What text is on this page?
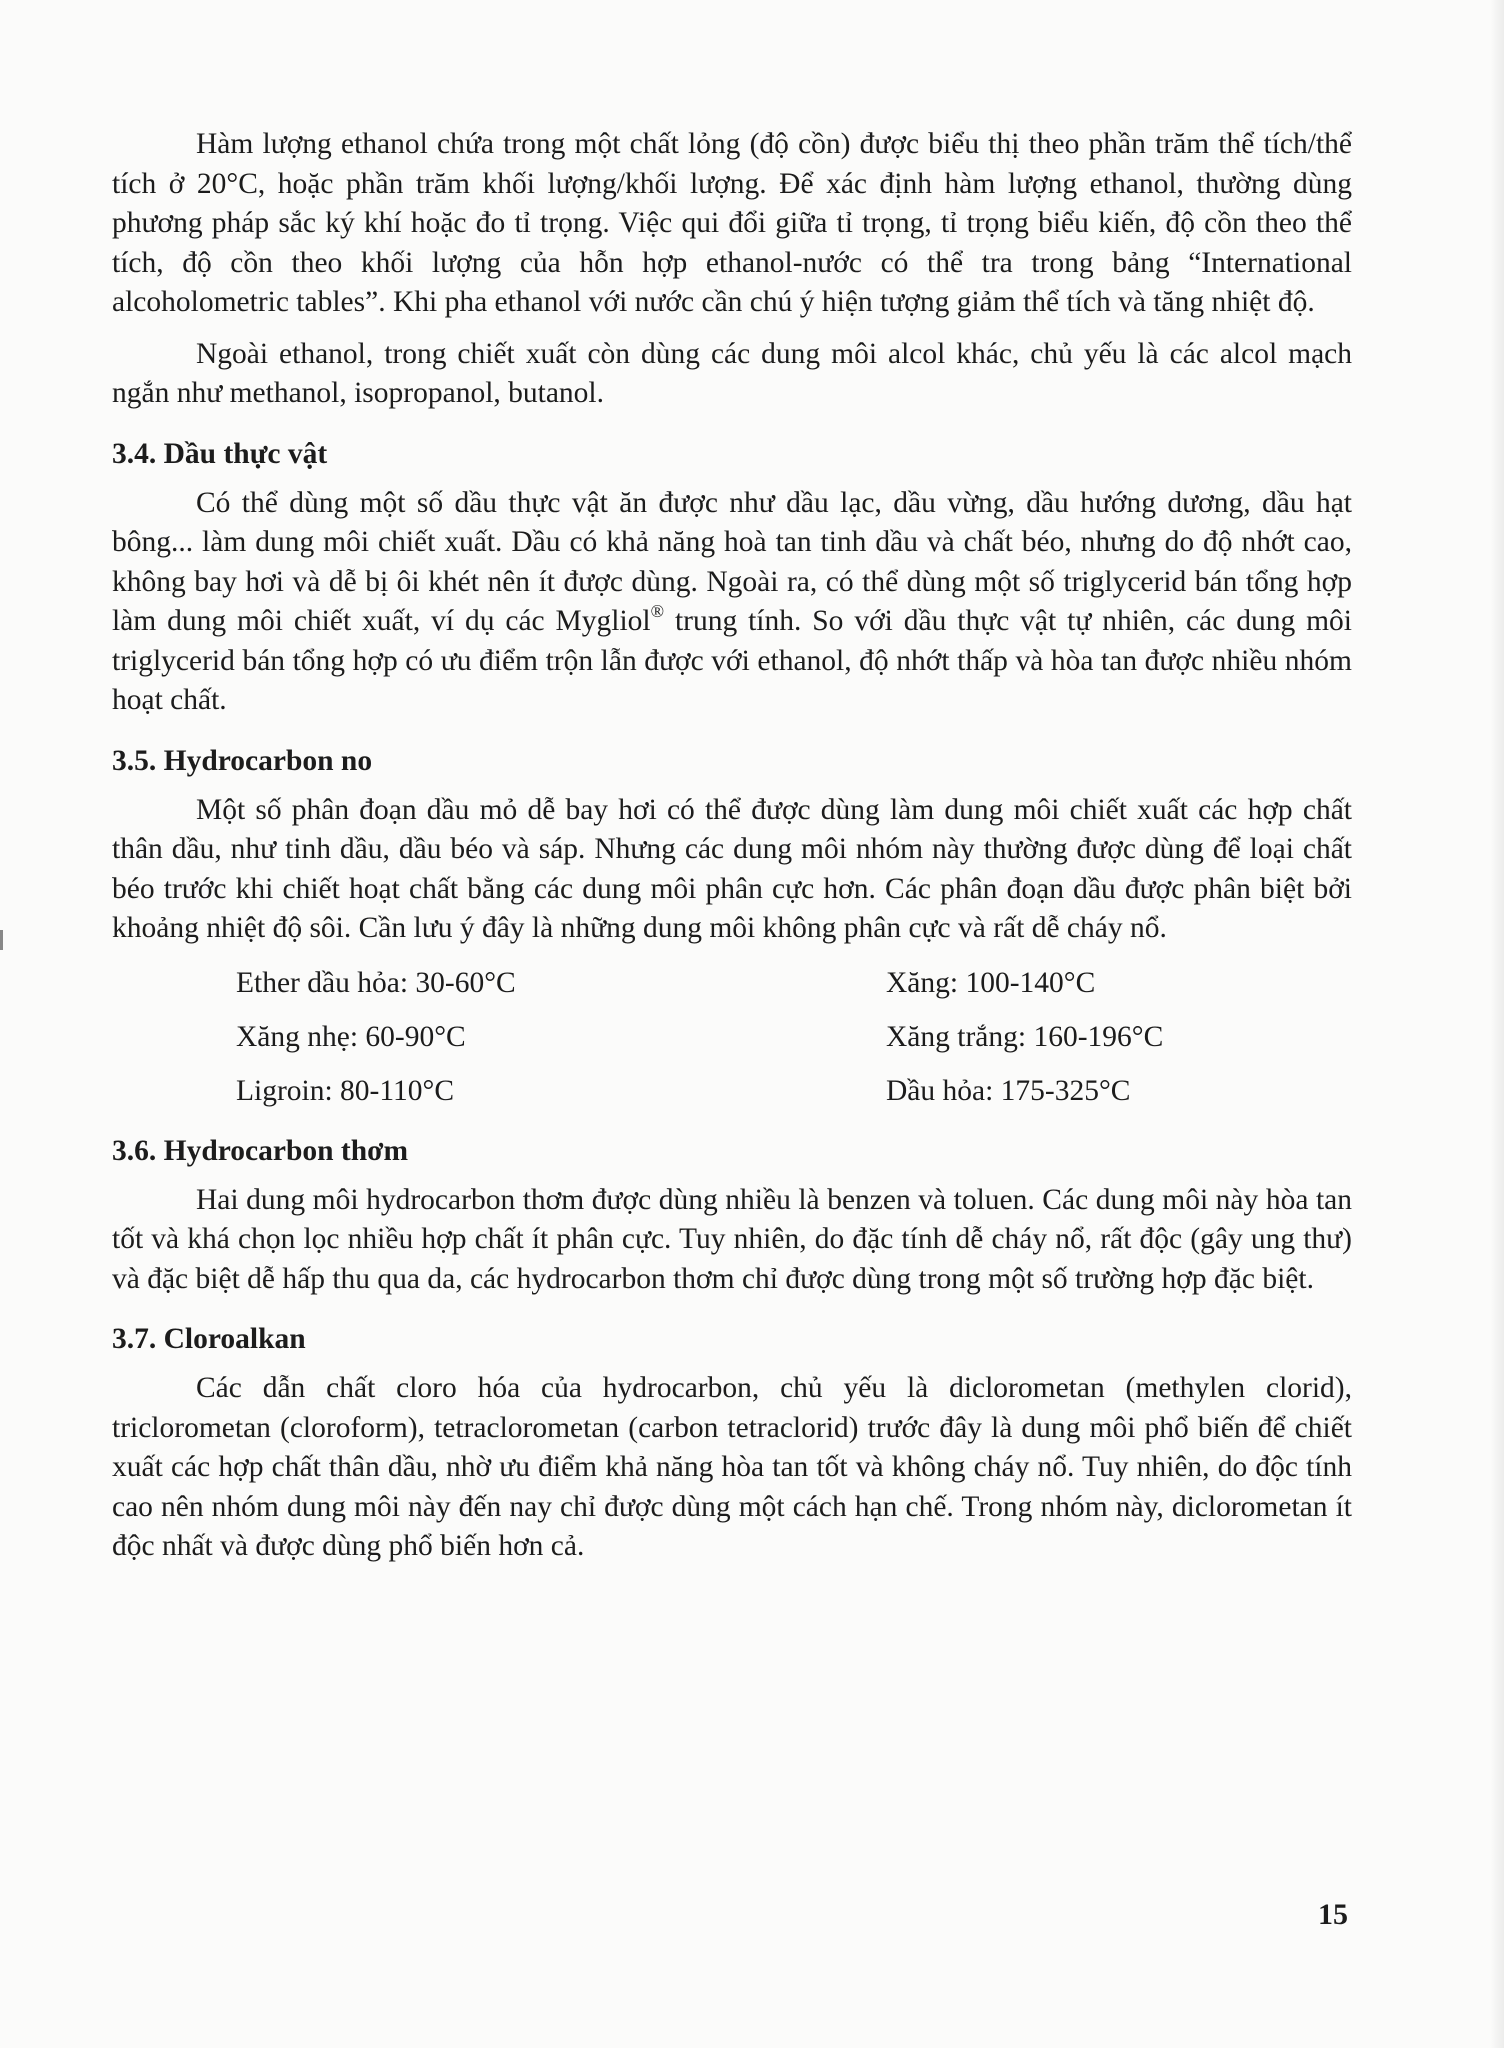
Hàm lượng ethanol chứa trong một chất lỏng (độ cồn) được biểu thị theo phần trăm thể tích/thể tích ở 20°C, hoặc phần trăm khối lượng/khối lượng. Để xác định hàm lượng ethanol, thường dùng phương pháp sắc ký khí hoặc đo tỉ trọng. Việc qui đổi giữa tỉ trọng, tỉ trọng biểu kiến, độ cồn theo thể tích, độ cồn theo khối lượng của hỗn hợp ethanol-nước có thể tra trong bảng “International alcoholometric tables”. Khi pha ethanol với nước cần chú ý hiện tượng giảm thể tích và tăng nhiệt độ.

Ngoài ethanol, trong chiết xuất còn dùng các dung môi alcol khác, chủ yếu là các alcol mạch ngắn như methanol, isopropanol, butanol.

3.4. Dầu thực vật

Có thể dùng một số dầu thực vật ăn được như dầu lạc, dầu vừng, dầu hướng dương, dầu hạt bông... làm dung môi chiết xuất. Dầu có khả năng hoà tan tinh dầu và chất béo, nhưng do độ nhớt cao, không bay hơi và dễ bị ôi khét nên ít được dùng. Ngoài ra, có thể dùng một số triglycerid bán tổng hợp làm dung môi chiết xuất, ví dụ các Mygliol® trung tính. So với dầu thực vật tự nhiên, các dung môi triglycerid bán tổng hợp có ưu điểm trộn lẫn được với ethanol, độ nhớt thấp và hòa tan được nhiều nhóm hoạt chất.

3.5. Hydrocarbon no

Một số phân đoạn dầu mỏ dễ bay hơi có thể được dùng làm dung môi chiết xuất các hợp chất thân dầu, như tinh dầu, dầu béo và sáp. Nhưng các dung môi nhóm này thường được dùng để loại chất béo trước khi chiết hoạt chất bằng các dung môi phân cực hơn. Các phân đoạn dầu được phân biệt bởi khoảng nhiệt độ sôi. Cần lưu ý đây là những dung môi không phân cực và rất dễ cháy nổ.

Ether dầu hỏa: 30-60°C	Xăng: 100-140°C
Xăng nhẹ: 60-90°C	Xăng trắng: 160-196°C
Ligroin: 80-110°C	Dầu hỏa: 175-325°C
3.6. Hydrocarbon thơm

Hai dung môi hydrocarbon thơm được dùng nhiều là benzen và toluen. Các dung môi này hòa tan tốt và khá chọn lọc nhiều hợp chất ít phân cực. Tuy nhiên, do đặc tính dễ cháy nổ, rất độc (gây ung thư) và đặc biệt dễ hấp thu qua da, các hydrocarbon thơm chỉ được dùng trong một số trường hợp đặc biệt.

3.7. Cloroalkan

Các dẫn chất cloro hóa của hydrocarbon, chủ yếu là diclorometan (methylen clorid), triclorometan (cloroform), tetraclorometan (carbon tetraclorid) trước đây là dung môi phổ biến để chiết xuất các hợp chất thân dầu, nhờ ưu điểm khả năng hòa tan tốt và không cháy nổ. Tuy nhiên, do độc tính cao nên nhóm dung môi này đến nay chỉ được dùng một cách hạn chế. Trong nhóm này, diclorometan ít độc nhất và được dùng phổ biến hơn cả.

15
